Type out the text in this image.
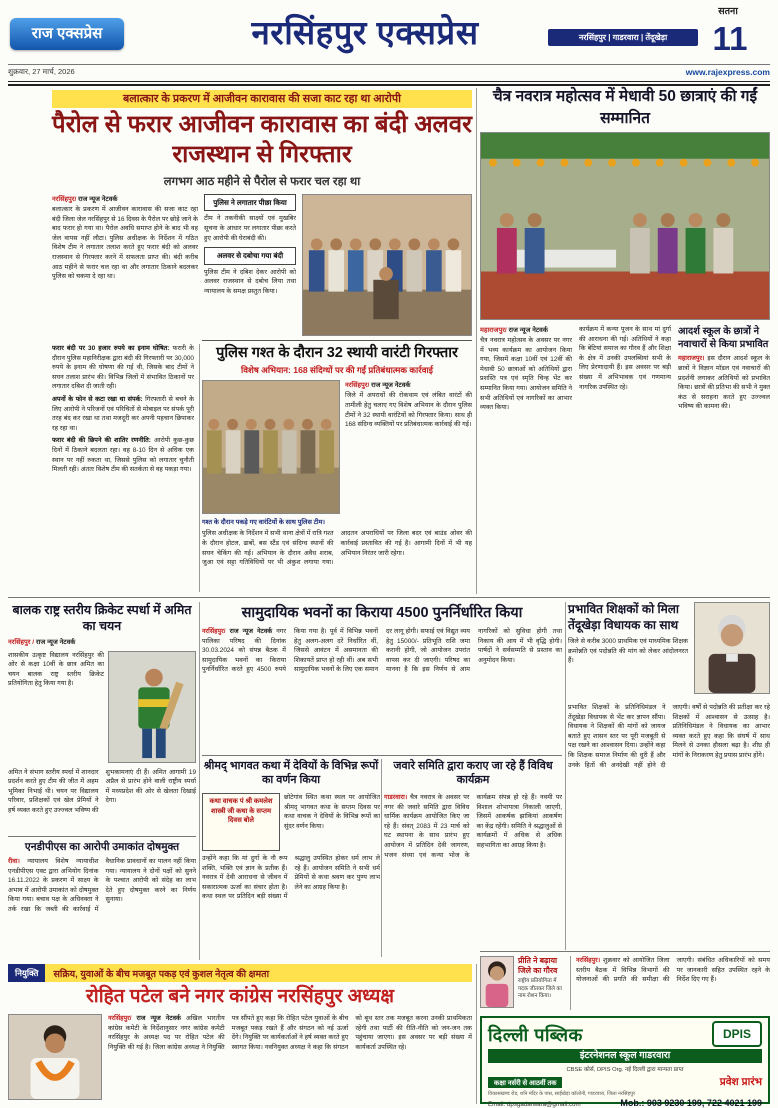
राज एक्सप्रेस	नरसिंहपुर एक्सप्रेस
सतना
नरसिंहपुर | गाडरवारा | तेंदूखेड़ा	11
शुक्रवार, 27 मार्च, 2026	www.rajexpress.com
बलात्कार के प्रकरण में आजीवन कारावास की सजा काट रहा था आरोपी
पैरोल से फरार आजीवन कारावास का बंदी अलवर राजस्थान से गिरफ्तार
लगभग आठ महीने से पैरोल से फरार चल रहा था
नरसिंहपुर/ राज न्यूज नेटवर्क

बलात्कार के प्रकरण में आजीवन कारावास की सजा काट रहा बंदी जिला जेल नरसिंहपुर से 16 दिवस के पैरोल पर छोड़े जाने के बाद फरार हो गया था। पैरोल अवधि समाप्त होने के बाद भी वह जेल वापस नहीं लौटा। पुलिस अधीक्षक के निर्देशन में गठित विशेष टीम ने लगातार तलाश करते हुए फरार बंदी को अलवर राजस्थान से गिरफ्तार करने में सफलता प्राप्त की। बंदी करीब आठ महीने से फरार चल रहा था और लगातार ठिकाने बदलकर पुलिस को चकमा दे रहा था।

पुलिस ने लगातार पीछा किया

टीम ने तकनीकी साक्ष्यों एवं मुखबिर सूचना के आधार पर लगातार पीछा करते हुए आरोपी की घेराबंदी की।

अलवर से दबोचा गया बंदी

पुलिस टीम ने दबिश देकर आरोपी को अलवर राजस्थान से दबोच लिया तथा न्यायालय के समक्ष प्रस्तुत किया।

फरार बंदी पर 30 हजार रुपये का इनाम घोषित: फरारी के दौरान पुलिस महानिरीक्षक द्वारा बंदी की गिरफ्तारी पर 30,000 रुपये के इनाम की घोषणा की गई थी, जिसके बाद टीमों ने सघन तलाश प्रारंभ की। विभिन्न जिलों में संभावित ठिकानों पर लगातार दबिश दी जाती रही।

अपनों के फोन से कटा रखा था संपर्क: गिरफ्तारी से बचने के लिए आरोपी ने परिजनों एवं परिचितों से मोबाइल पर संपर्क पूरी तरह बंद कर रखा था तथा मजदूरी कर अपनी पहचान छिपाकर रह रहा था।

फरार बंदी की छिपने की शातिर रणनीति: आरोपी कुछ-कुछ दिनों में ठिकाने बदलता रहा। वह 8-10 दिन से अधिक एक स्थान पर नहीं रुकता था, जिससे पुलिस को लगातार चुनौती मिलती रही। अंततः विशेष टीम की सतर्कता से वह पकड़ा गया।

पुलिस गश्त के दौरान 32 स्थायी वारंटी गिरफ्तार
विशेष अभियान: 168 संदिग्धों पर की गईं प्रतिबंधात्मक कार्रवाई
नरसिंहपुर/ राज न्यूज नेटवर्क

जिले में अपराधों की रोकथाम एवं लंबित वारंटों की तामीली हेतु चलाए गए विशेष अभियान के दौरान पुलिस टीमों ने 32 स्थायी वारंटियों को गिरफ्तार किया। साथ ही 168 संदिग्ध व्यक्तियों पर प्रतिबंधात्मक कार्रवाई की गई।

गश्त के दौरान पकड़े गए वारंटियों के साथ पुलिस टीम।
पुलिस अधीक्षक के निर्देशन में सभी थाना क्षेत्रों में रात्रि गश्त के दौरान होटल, ढाबों, बस स्टैंड एवं संदिग्ध स्थानों की सघन चेकिंग की गई। अभियान के दौरान अवैध शराब, जुआ एवं सट्टा गतिविधियों पर भी अंकुश लगाया गया। आदतन अपराधियों पर जिला बदर एवं बाउंड ओवर की कार्रवाई प्रस्तावित की गई है। आगामी दिनों में भी यह अभियान निरंतर जारी रहेगा।
चैत्र नवरात्र महोत्सव में मेधावी 50 छात्राएं की गईं सम्मानित
महाराजपुर/ राज न्यूज नेटवर्क

चैत्र नवरात्र महोत्सव के अवसर पर नगर में भव्य कार्यक्रम का आयोजन किया गया, जिसमें कक्षा 10वीं एवं 12वीं की मेधावी 50 छात्राओं को अतिथियों द्वारा प्रशस्ति पत्र एवं स्मृति चिन्ह भेंट कर सम्मानित किया गया। आयोजन समिति ने सभी अतिथियों एवं नागरिकों का आभार व्यक्त किया।

कार्यक्रम में कन्या पूजन के साथ मां दुर्गा की आराधना की गई। अतिथियों ने कहा कि बेटियां समाज का गौरव हैं और शिक्षा के क्षेत्र में उनकी उपलब्धियां सभी के लिए प्रेरणादायी हैं। इस अवसर पर बड़ी संख्या में अभिभावक एवं गणमान्य नागरिक उपस्थित रहे।

आदर्श स्कूल के छात्रों ने नवाचारों से किया प्रभावित

महाराजपुर। इस दौरान आदर्श स्कूल के छात्रों ने विज्ञान मॉडल एवं नवाचारों की प्रदर्शनी लगाकर अतिथियों को प्रभावित किया। छात्रों की प्रतिभा की सभी ने मुक्त कंठ से सराहना करते हुए उज्ज्वल भविष्य की कामना की।

बालक राष्ट्र स्तरीय क्रिकेट स्पर्धा में अमित का चयन
नरसिंहपुर / राज न्यूज नेटवर्क

शासकीय उत्कृष्ट विद्यालय नरसिंहपुर की ओर से कक्षा 10वीं के छात्र अमित का चयन बालक राष्ट्र स्तरीय क्रिकेट प्रतियोगिता हेतु किया गया है।

अमित ने संभाग स्तरीय स्पर्धा में शानदार प्रदर्शन करते हुए टीम की जीत में अहम भूमिका निभाई थी। चयन पर विद्यालय परिवार, प्रशिक्षकों एवं खेल प्रेमियों ने हर्ष व्यक्त करते हुए उज्ज्वल भविष्य की शुभकामनाएं दी हैं। अमित आगामी 19 अप्रैल से प्रारंभ होने वाली राष्ट्रीय स्पर्धा में मध्यप्रदेश की ओर से खेलता दिखाई देगा।
एनडीपीएस का आरोपी उमाकांत दोषमुक्त
रीवा। न्यायालय विशेष न्यायाधीश एनडीपीएस एक्ट द्वारा अभियोग दिनांक 16.11.2022 के प्रकरण में साक्ष्य के अभाव में आरोपी उमाकांत को दोषमुक्त किया गया। बचाव पक्ष के अधिवक्ता ने तर्क रखा कि जब्ती की कार्रवाई में वैधानिक प्रावधानों का पालन नहीं किया गया। न्यायालय ने दोनों पक्षों को सुनने के पश्चात आरोपी को संदेह का लाभ देते हुए दोषमुक्त करने का निर्णय सुनाया।
सामुदायिक भवनों का किराया 4500 पुनर्निर्धारित किया
नरसिंहपुर/ राज न्यूज नेटवर्क नगर पालिका परिषद की दिनांक 30.03.2024 को संपन्न बैठक में सामुदायिक भवनों का किराया पुनर्निर्धारित करते हुए 4500 रुपये किया गया है। पूर्व में विभिन्न भवनों हेतु अलग-अलग दरें निर्धारित थीं, जिससे आवंटन में असमानता की शिकायतें प्राप्त हो रही थीं। अब सभी सामुदायिक भवनों के लिए एक समान दर लागू होगी। सफाई एवं विद्युत व्यय हेतु 15000/- प्रतिभूति राशि जमा करानी होगी, जो आयोजन उपरांत वापस कर दी जाएगी। परिषद का मानना है कि इस निर्णय से आम नागरिकों को सुविधा होगी तथा निकाय की आय में भी वृद्धि होगी। पार्षदों ने सर्वसम्मति से प्रस्ताव का अनुमोदन किया।
श्रीमद् भागवत कथा में देवियों के विभिन्न रूपों का वर्णन किया
कथा वाचक पं श्री कमलेश शास्त्री जी कथा के सप्तम दिवस बोले

छोटेगांव स्थित कथा स्थल पर आयोजित श्रीमद् भागवत कथा के सप्तम दिवस पर कथा वाचक ने देवियों के विभिन्न रूपों का सुंदर वर्णन किया।

उन्होंने कहा कि मां दुर्गा के नौ रूप शक्ति, भक्ति एवं ज्ञान के प्रतीक हैं। नवरात्र में देवी आराधना से जीवन में सकारात्मक ऊर्जा का संचार होता है। कथा स्थल पर प्रतिदिन बड़ी संख्या में श्रद्धालु उपस्थित होकर धर्म लाभ ले रहे हैं। आयोजन समिति ने सभी धर्म प्रेमियों से कथा श्रवण कर पुण्य लाभ लेने का आग्रह किया है।
जवारे समिति द्वारा कराए जा रहे हैं विविध कार्यक्रम
गाडरवारा। चैत्र नवरात्र के अवसर पर नगर की जवारे समिति द्वारा विविध धार्मिक कार्यक्रम आयोजित किए जा रहे हैं। संवत् 2083 में 23 मार्च को घट स्थापना के साथ प्रारंभ हुए आयोजन में प्रतिदिन देवी जागरण, भजन संध्या एवं कन्या भोज के कार्यक्रम संपन्न हो रहे हैं। नवमी पर विशाल शोभायात्रा निकाली जाएगी, जिसमें आकर्षक झांकियां आकर्षण का केंद्र रहेंगी। समिति ने श्रद्धालुओं से कार्यक्रमों में अधिक से अधिक सहभागिता का आग्रह किया है।
प्रभावित शिक्षकों को मिला तेंदूखेड़ा विधायक का साथ

जिले से करीब 3000 प्राथमिक एवं माध्यमिक शिक्षक क्रमोन्नति एवं पदोन्नति की मांग को लेकर आंदोलनरत हैं।

प्रभावित शिक्षकों के प्रतिनिधिमंडल ने तेंदूखेड़ा विधायक से भेंट कर ज्ञापन सौंपा। विधायक ने शिक्षकों की मांगों को जायज बताते हुए शासन स्तर पर पूरी मजबूती से पक्ष रखने का आश्वासन दिया। उन्होंने कहा कि शिक्षक समाज निर्माण की धुरी हैं और उनके हितों की अनदेखी नहीं होने दी जाएगी। वर्षों से पदोन्नति की प्रतीक्षा कर रहे शिक्षकों में आश्वासन से उत्साह है। प्रतिनिधिमंडल ने विधायक का आभार व्यक्त करते हुए कहा कि संघर्ष में साथ मिलने से उनका हौसला बढ़ा है। शीघ्र ही मांगों के निराकरण हेतु प्रयास प्रारंभ होंगे।
प्रीति ने बढ़ाया जिले का गौरव
राष्ट्रीय प्रतियोगिता में पदक जीतकर जिले का नाम रोशन किया।
नरसिंहपुर। शुक्रवार को आयोजित जिला स्तरीय बैठक में विभिन्न विभागों की योजनाओं की प्रगति की समीक्षा की जाएगी। संबंधित अधिकारियों को समय पर जानकारी सहित उपस्थित रहने के निर्देश दिए गए हैं।
नियुक्ति	सक्रिय, युवाओं के बीच मजबूत पकड़ एवं कुशल नेतृत्व की क्षमता
रोहित पटेल बने नगर कांग्रेस नरसिंहपुर अध्यक्ष
नरसिंहपुर/ राज न्यूज नेटवर्क अखिल भारतीय कांग्रेस कमेटी के निर्देशानुसार नगर कांग्रेस कमेटी नरसिंहपुर के अध्यक्ष पद पर रोहित पटेल की नियुक्ति की गई है। जिला कांग्रेस अध्यक्ष ने नियुक्ति पत्र सौंपते हुए कहा कि रोहित पटेल युवाओं के बीच मजबूत पकड़ रखते हैं और संगठन को नई ऊर्जा देंगे। नियुक्ति पर कार्यकर्ताओं ने हर्ष व्यक्त करते हुए स्वागत किया। नवनियुक्त अध्यक्ष ने कहा कि संगठन को बूथ स्तर तक मजबूत करना उनकी प्राथमिकता रहेगी तथा पार्टी की रीति-नीति को जन-जन तक पहुंचाया जाएगा। इस अवसर पर बड़ी संख्या में कार्यकर्ता उपस्थित रहे।
दिल्ली पब्लिक	DPIS
इंटरनेशनल स्कूल गाडरवारा
CBSE कोर्स, DPIS Org. नई दिल्ली द्वारा मान्यता प्राप्त
कक्षा नर्सरी से आठवीं तक	प्रवेश प्रारंभ
विकासखण्ड रोड, शनि मंदिर के पास, साईंखेड़ा कॉलोनी, गाडरवारा, जिला नरसिंहपुर
Email: dpsgadarwara@gmail.com	Mob.: 903 9230 199, 722 4021 199
